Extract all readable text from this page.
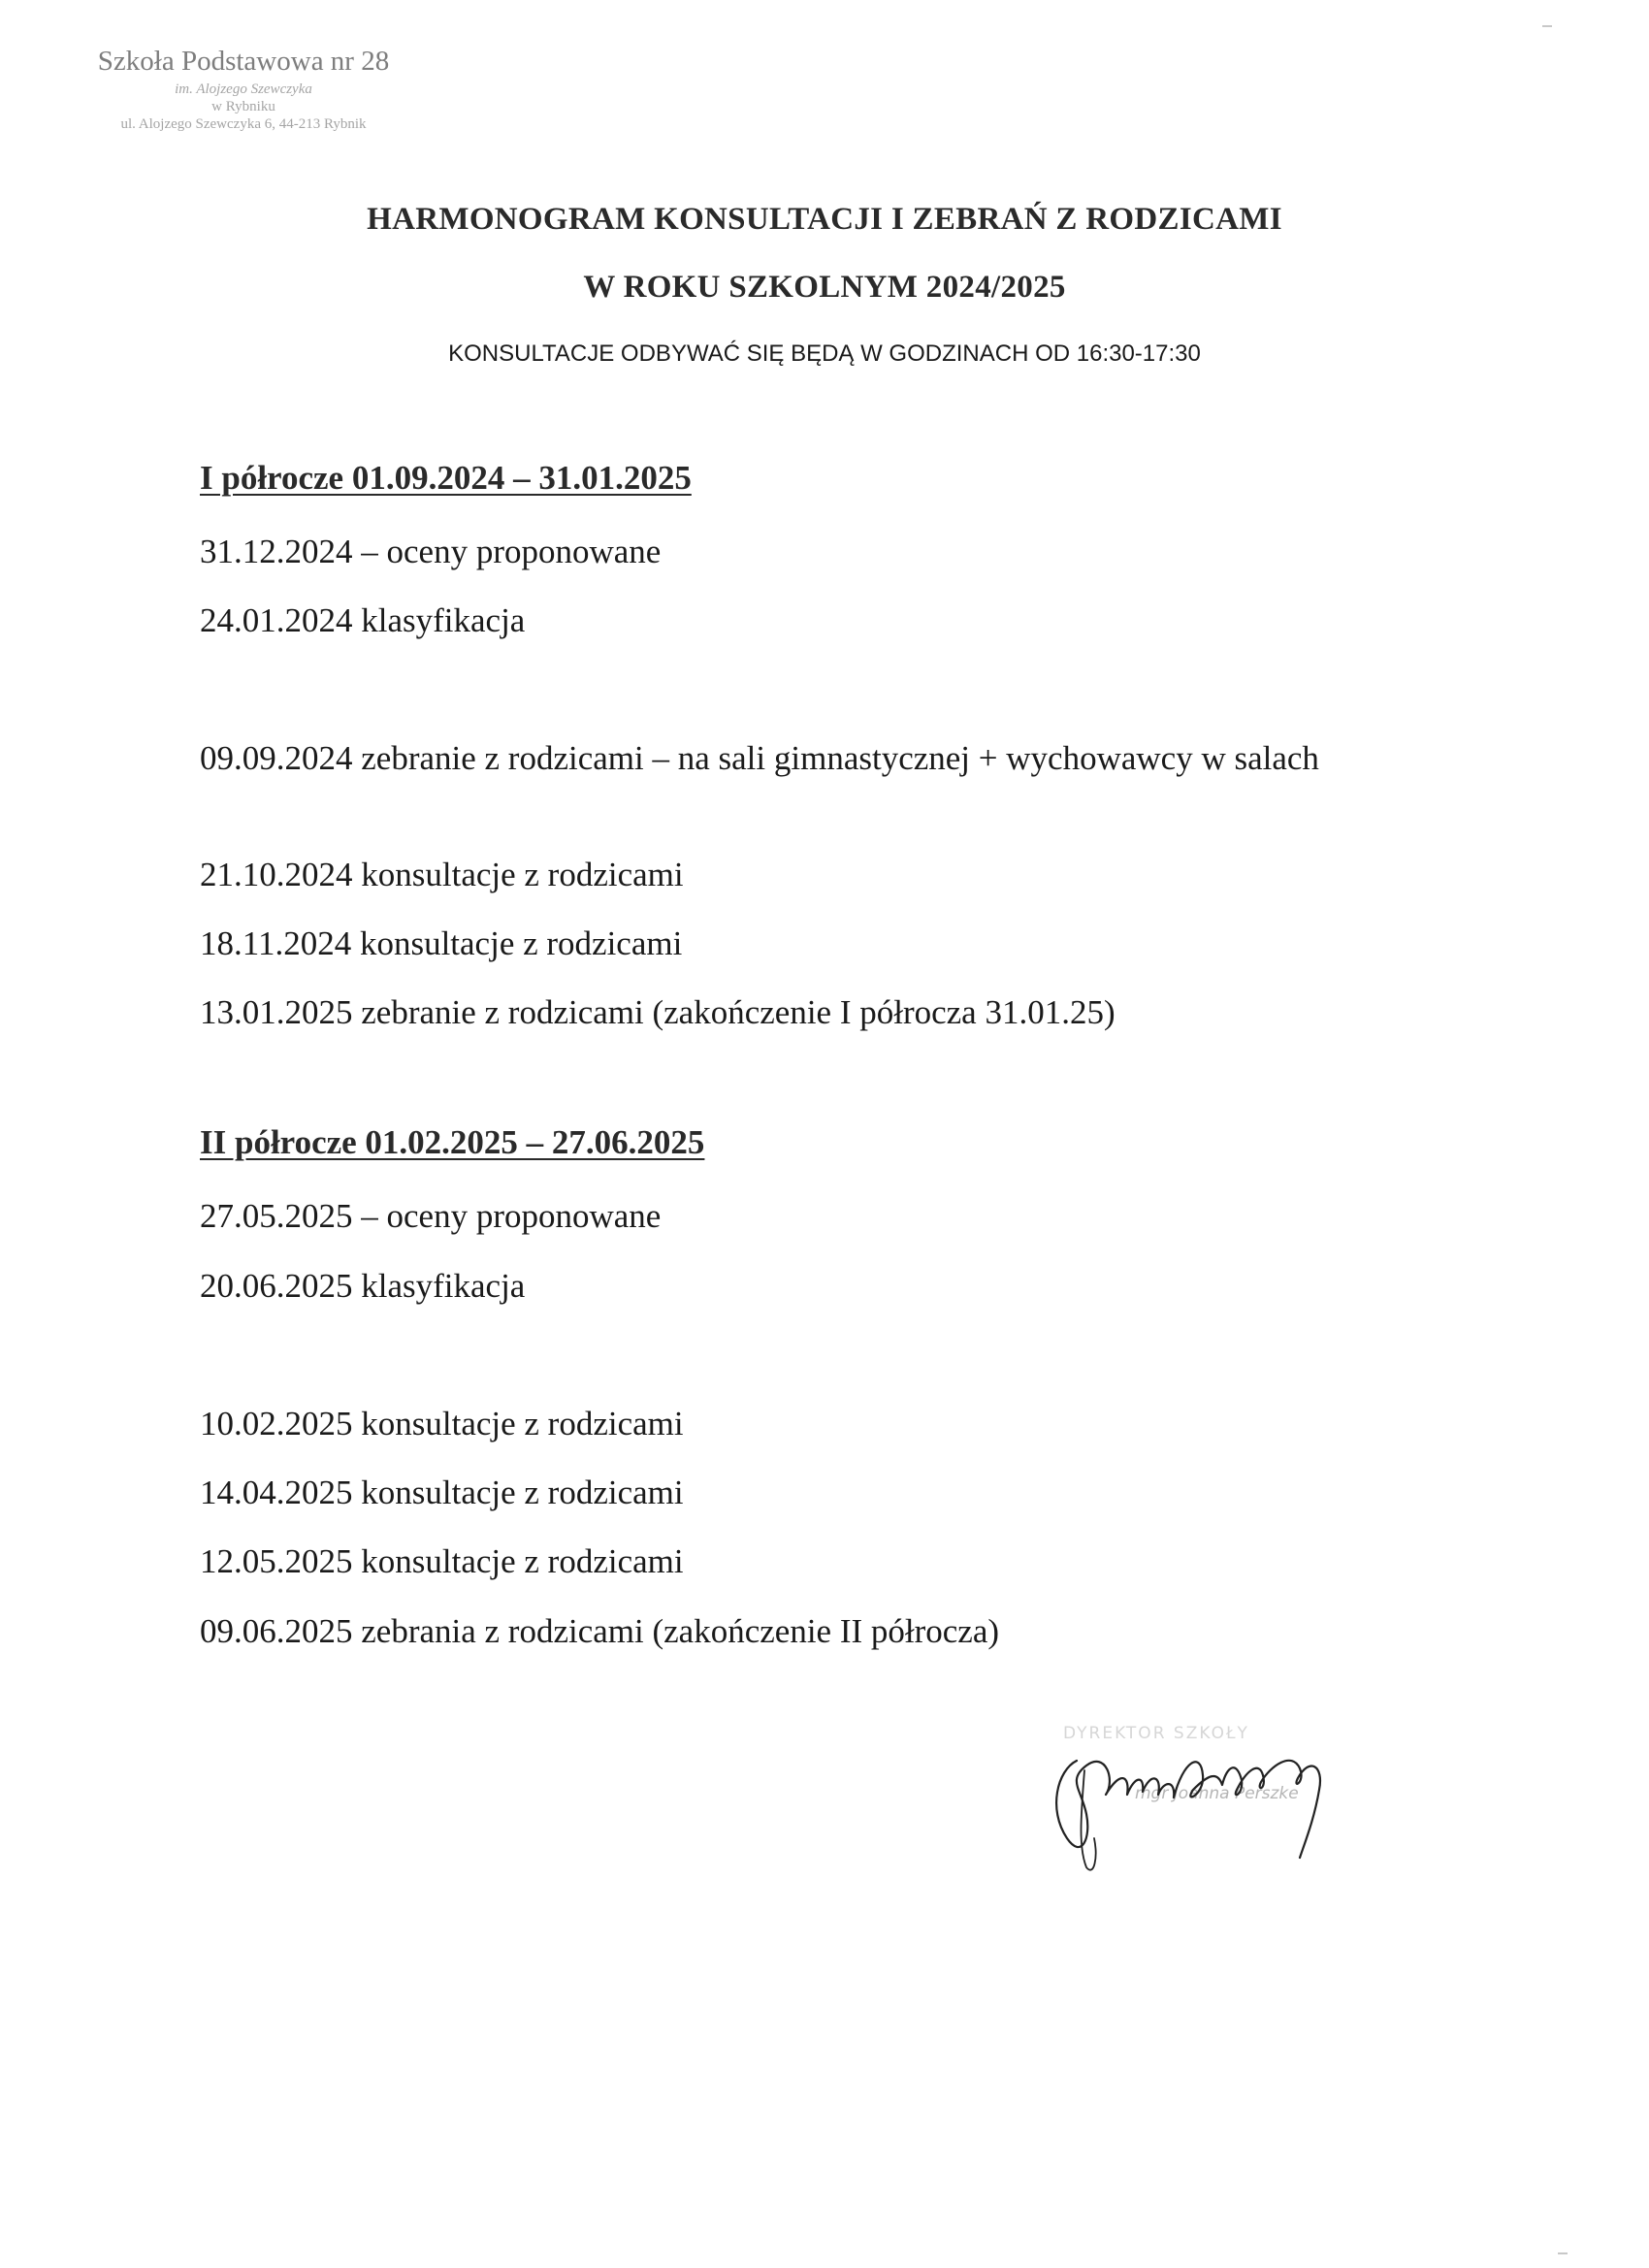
Szkoła Podstawowa nr 28
im. Alojzego Szewczyka
w Rybniku
ul. Alojzego Szewczyka 6, 44-213 Rybnik
HARMONOGRAM KONSULTACJI I ZEBRAŃ Z RODZICAMI
W ROKU SZKOLNYM 2024/2025
KONSULTACJE ODBYWAĆ SIĘ BĘDĄ W GODZINACH OD 16:30-17:30
I półrocze 01.09.2024 – 31.01.2025
31.12.2024 – oceny proponowane
24.01.2024 klasyfikacja
09.09.2024 zebranie z rodzicami – na sali gimnastycznej + wychowawcy w salach
21.10.2024 konsultacje z rodzicami
18.11.2024 konsultacje z rodzicami
13.01.2025 zebranie z rodzicami (zakończenie I półrocza 31.01.25)
II półrocze 01.02.2025 – 27.06.2025
27.05.2025 – oceny proponowane
20.06.2025 klasyfikacja
10.02.2025 konsultacje z rodzicami
14.04.2025 konsultacje z rodzicami
12.05.2025 konsultacje z rodzicami
09.06.2025 zebrania z rodzicami (zakończenie II półrocza)
DYREKTOR SZKOŁY
mgr Joanna Perszke
